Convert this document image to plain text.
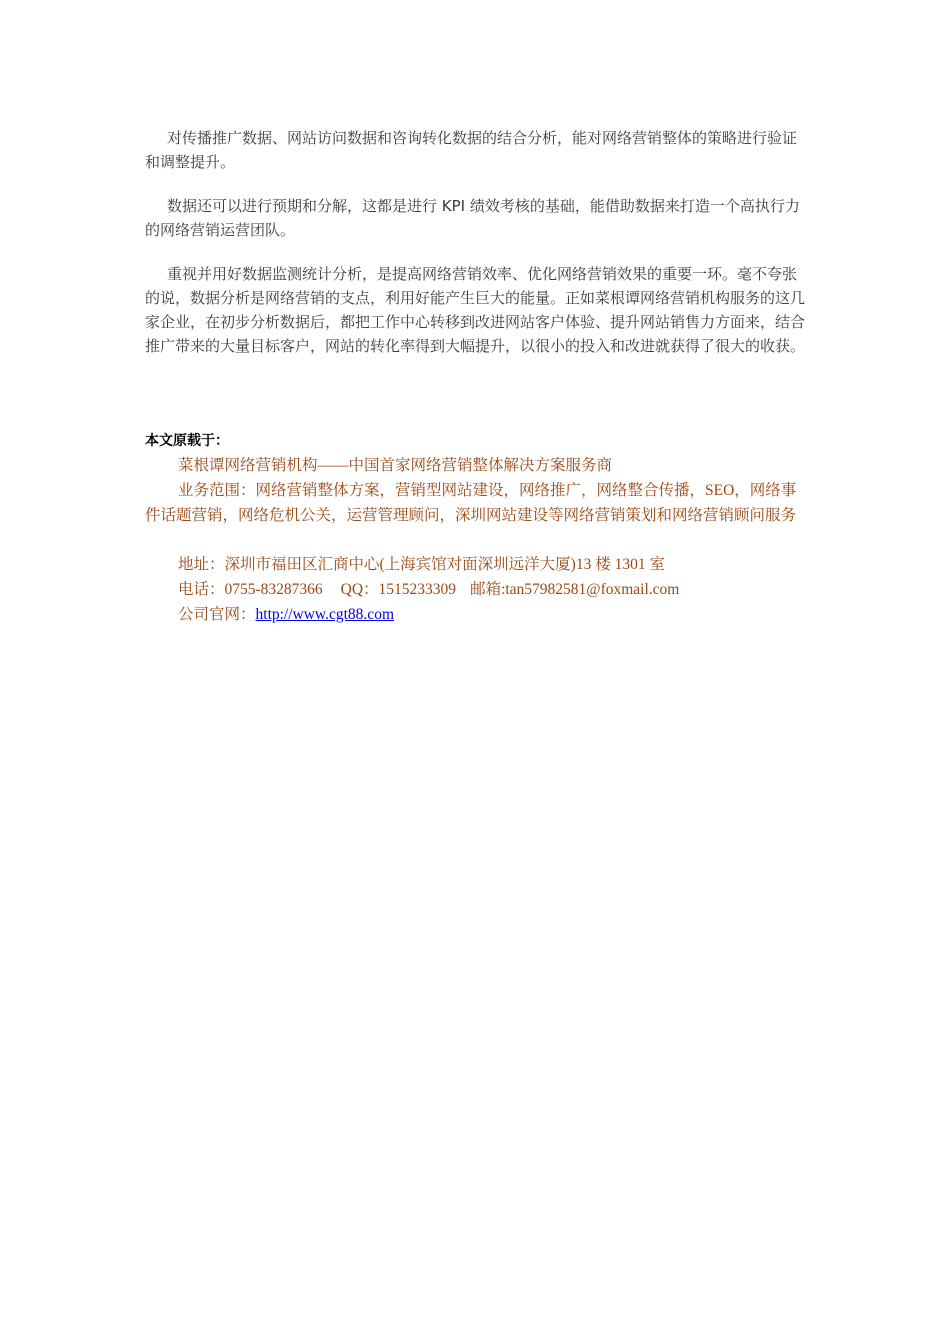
对传播推广数据、网站访问数据和咨询转化数据的结合分析，能对网络营销整体的策略进行验证和调整提升。

数据还可以进行预期和分解，这都是进行 KPI 绩效考核的基础，能借助数据来打造一个高执行力的网络营销运营团队。

重视并用好数据监测统计分析，是提高网络营销效率、优化网络营销效果的重要一环。毫不夸张的说，数据分析是网络营销的支点，利用好能产生巨大的能量。正如菜根谭网络营销机构服务的这几家企业，在初步分析数据后，都把工作中心转移到改进网站客户体验、提升网站销售力方面来，结合推广带来的大量目标客户，网站的转化率得到大幅提升，以很小的投入和改进就获得了很大的收获。

本文原载于：

菜根谭网络营销机构——中国首家网络营销整体解决方案服务商

业务范围：网络营销整体方案，营销型网站建设，网络推广，网络整合传播，SEO，网络事件话题营销，网络危机公关，运营管理顾问，深圳网站建设等网络营销策划和网络营销顾问服务

地址：深圳市福田区汇商中心(上海宾馆对面深圳远洋大厦)13 楼 1301 室

电话：0755-83287366 QQ：1515233309 邮箱:tan57982581@foxmail.com

公司官网：http://www.cgt88.com
